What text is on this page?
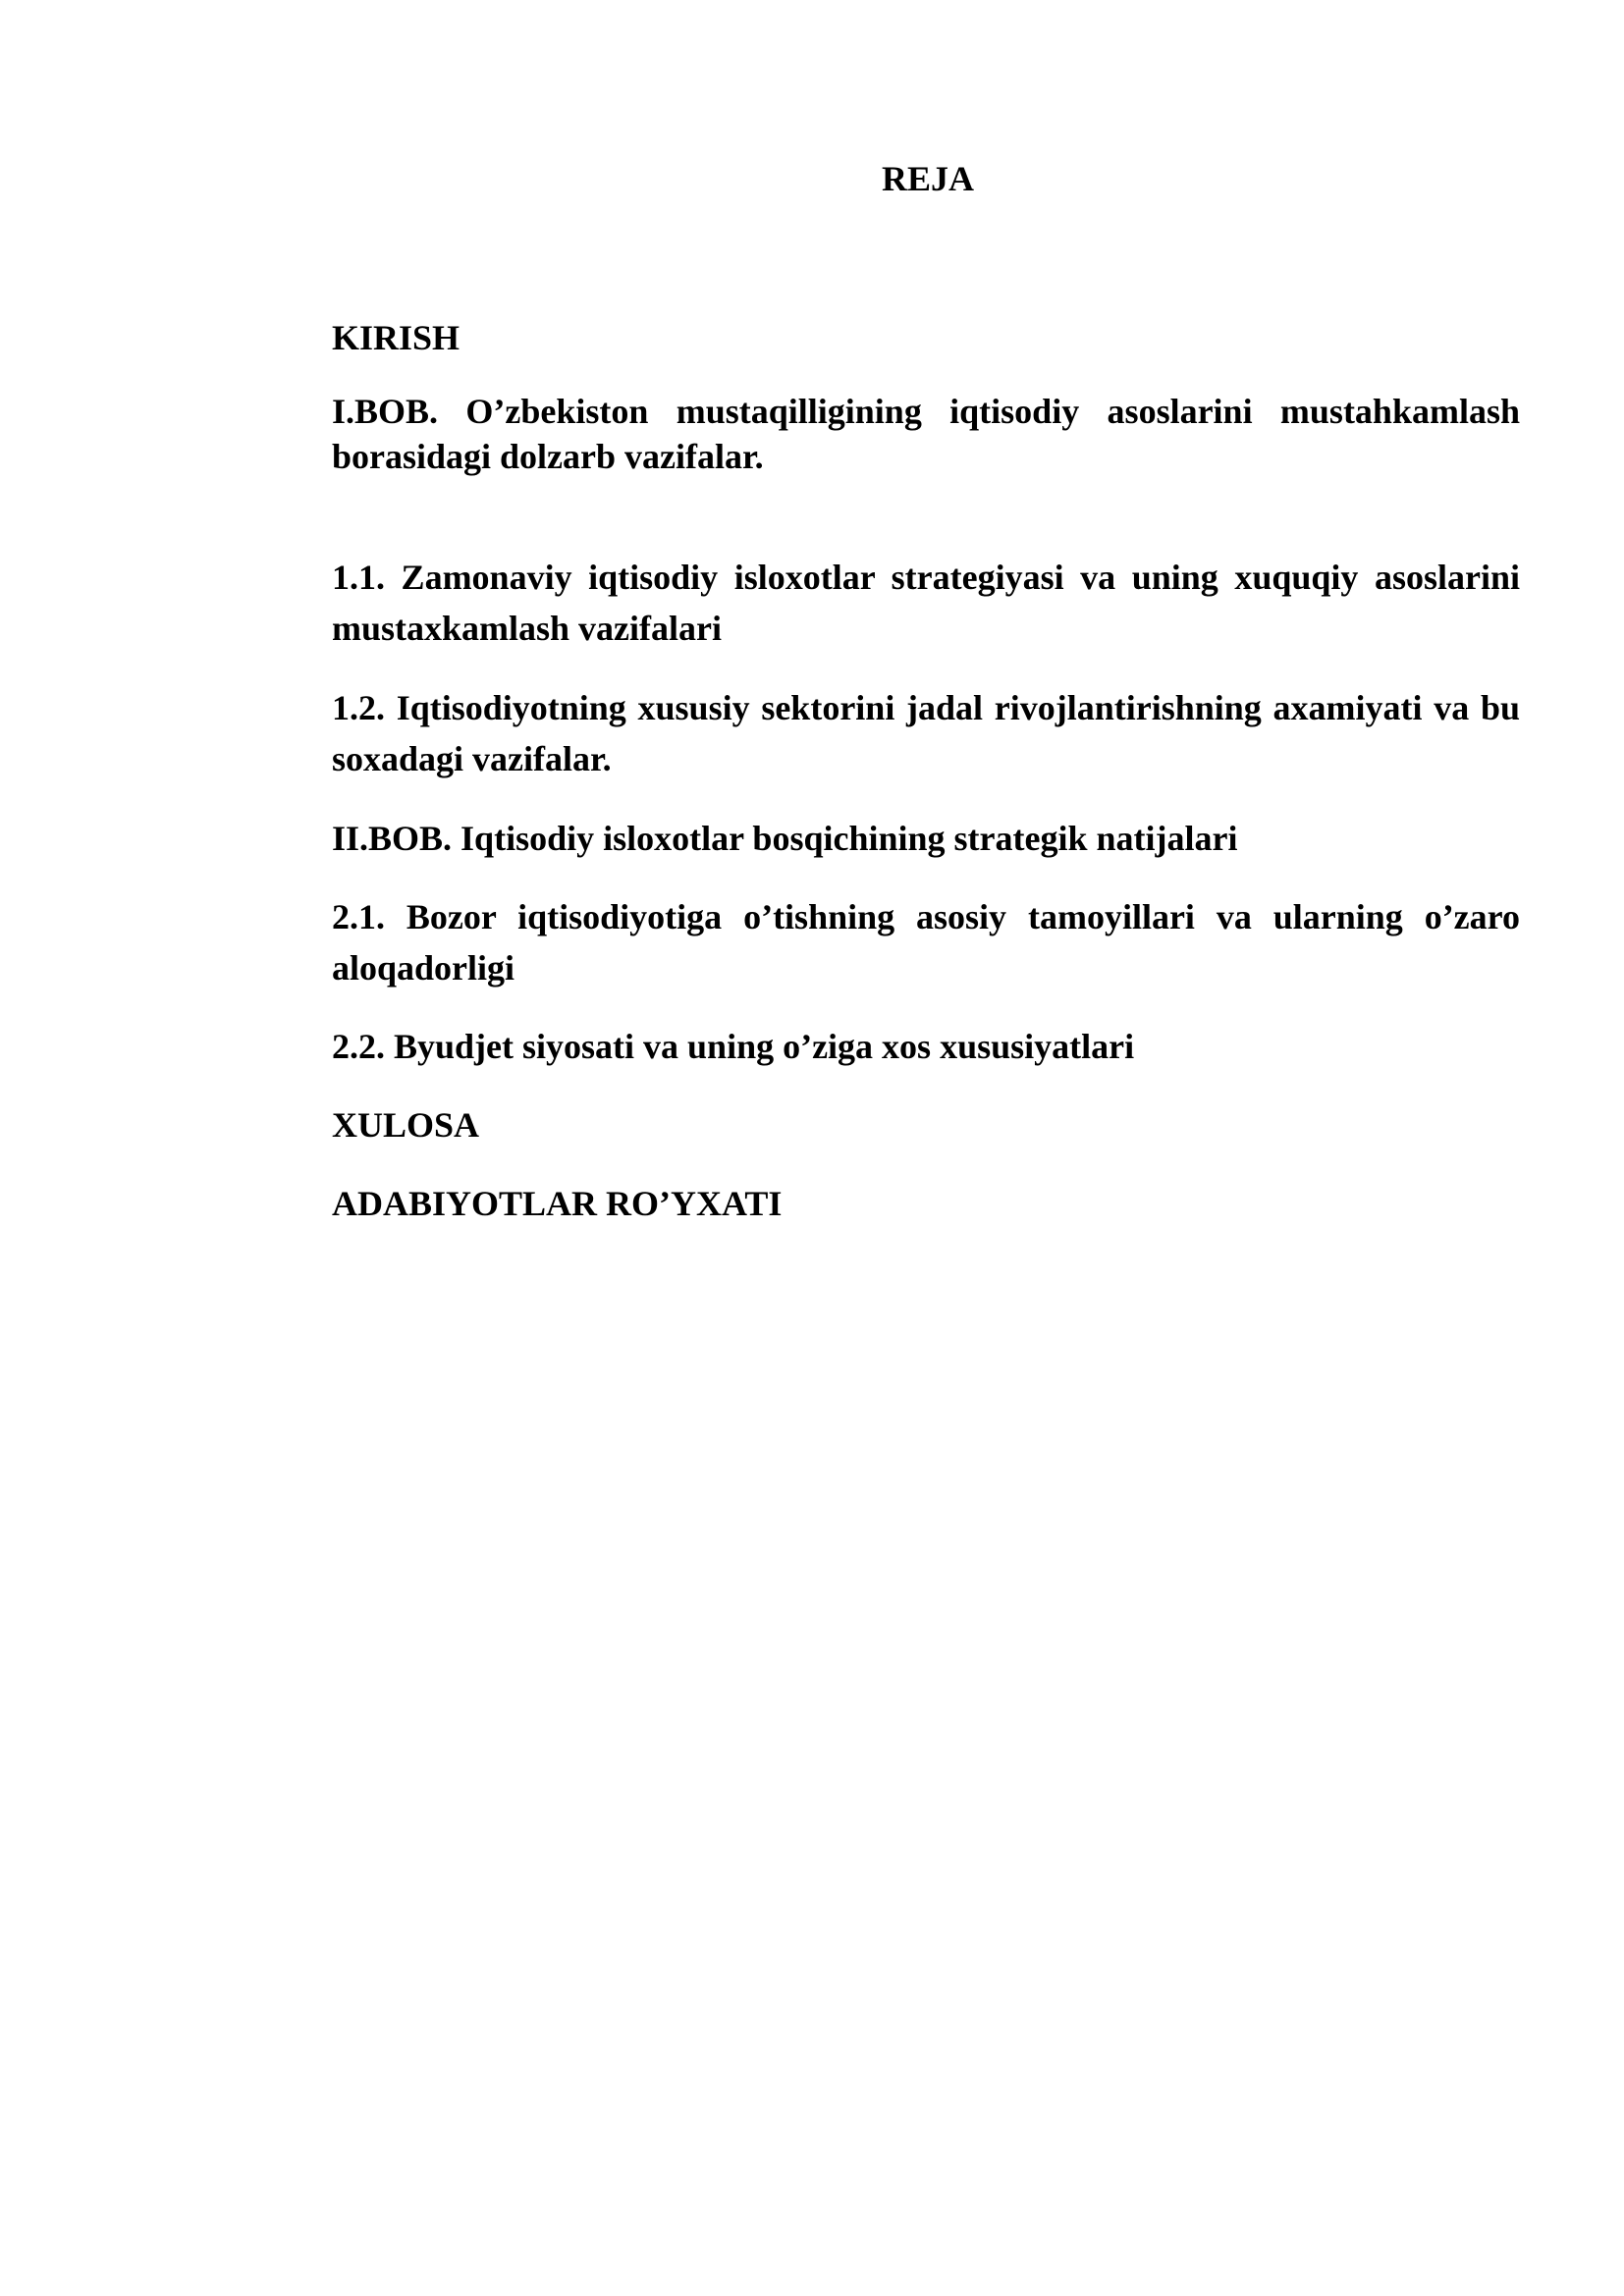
REJA

KIRISH

I.BOB. O’zbekiston mustaqilligining iqtisodiy asoslarini mustahkamlash borasidagi dolzarb vazifalar.

1.1. Zamonaviy iqtisodiy isloxotlar strategiyasi va uning xuquqiy asoslarini mustaxkamlash vazifalari

1.2. Iqtisodiyotning xususiy sektorini jadal rivojlantirishning axamiyati va bu soxadagi vazifalar.

II.BOB. Iqtisodiy isloxotlar bosqichining strategik natijalari

2.1. Bozor iqtisodiyotiga o’tishning asosiy tamoyillari va ularning o’zaro aloqadorligi

2.2. Byudjet siyosati va uning o’ziga xos xususiyatlari

XULOSA

ADABIYOTLAR RO’YXATI
